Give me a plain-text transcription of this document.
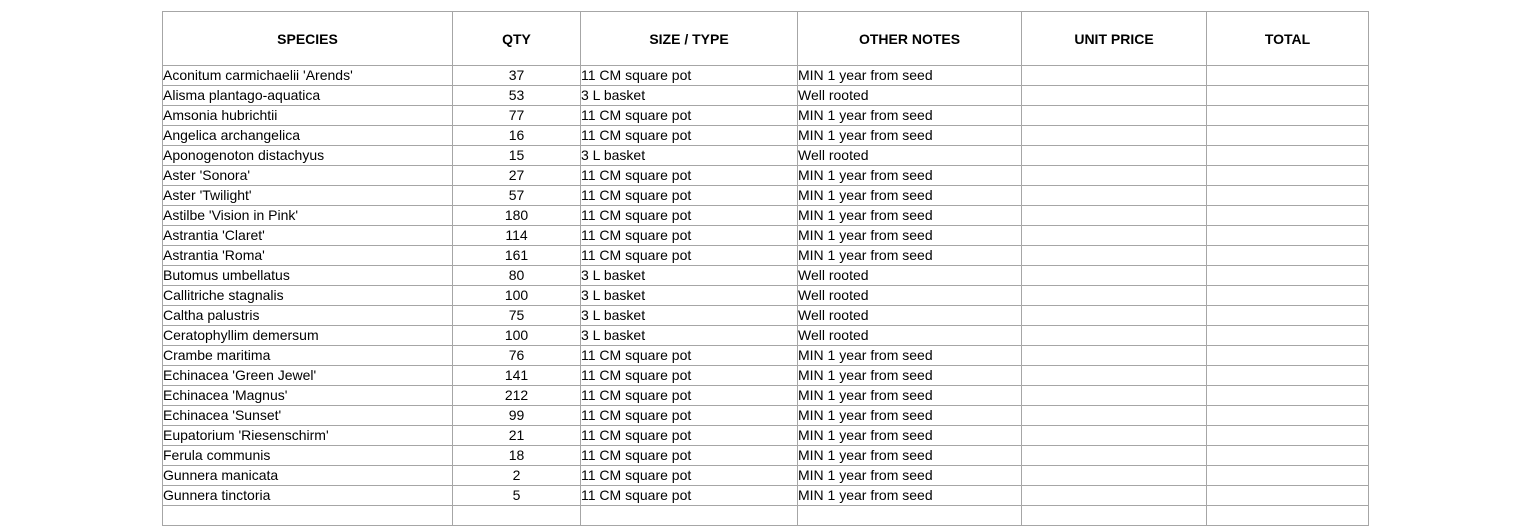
SPECIES	QTY	SIZE / TYPE	OTHER NOTES	UNIT PRICE	TOTAL
Aconitum carmichaelii 'Arends'	37	11 CM square pot	MIN 1 year from seed		
Alisma plantago-aquatica	53	3 L basket	Well rooted		
Amsonia hubrichtii	77	11 CM square pot	MIN 1 year from seed		
Angelica archangelica	16	11 CM square pot	MIN 1 year from seed		
Aponogenoton distachyus	15	3 L basket	Well rooted		
Aster 'Sonora'	27	11 CM square pot	MIN 1 year from seed		
Aster 'Twilight'	57	11 CM square pot	MIN 1 year from seed		
Astilbe 'Vision in Pink'	180	11 CM square pot	MIN 1 year from seed		
Astrantia 'Claret'	114	11 CM square pot	MIN 1 year from seed		
Astrantia 'Roma'	161	11 CM square pot	MIN 1 year from seed		
Butomus umbellatus	80	3 L basket	Well rooted		
Callitriche stagnalis	100	3 L basket	Well rooted		
Caltha palustris	75	3 L basket	Well rooted		
Ceratophyllim demersum	100	3 L basket	Well rooted		
Crambe maritima	76	11 CM square pot	MIN 1 year from seed		
Echinacea 'Green Jewel'	141	11 CM square pot	MIN 1 year from seed		
Echinacea 'Magnus'	212	11 CM square pot	MIN 1 year from seed		
Echinacea 'Sunset'	99	11 CM square pot	MIN 1 year from seed		
Eupatorium 'Riesenschirm'	21	11 CM square pot	MIN 1 year from seed		
Ferula communis	18	11 CM square pot	MIN 1 year from seed		
Gunnera manicata	2	11 CM square pot	MIN 1 year from seed		
Gunnera tinctoria	5	11 CM square pot	MIN 1 year from seed		
